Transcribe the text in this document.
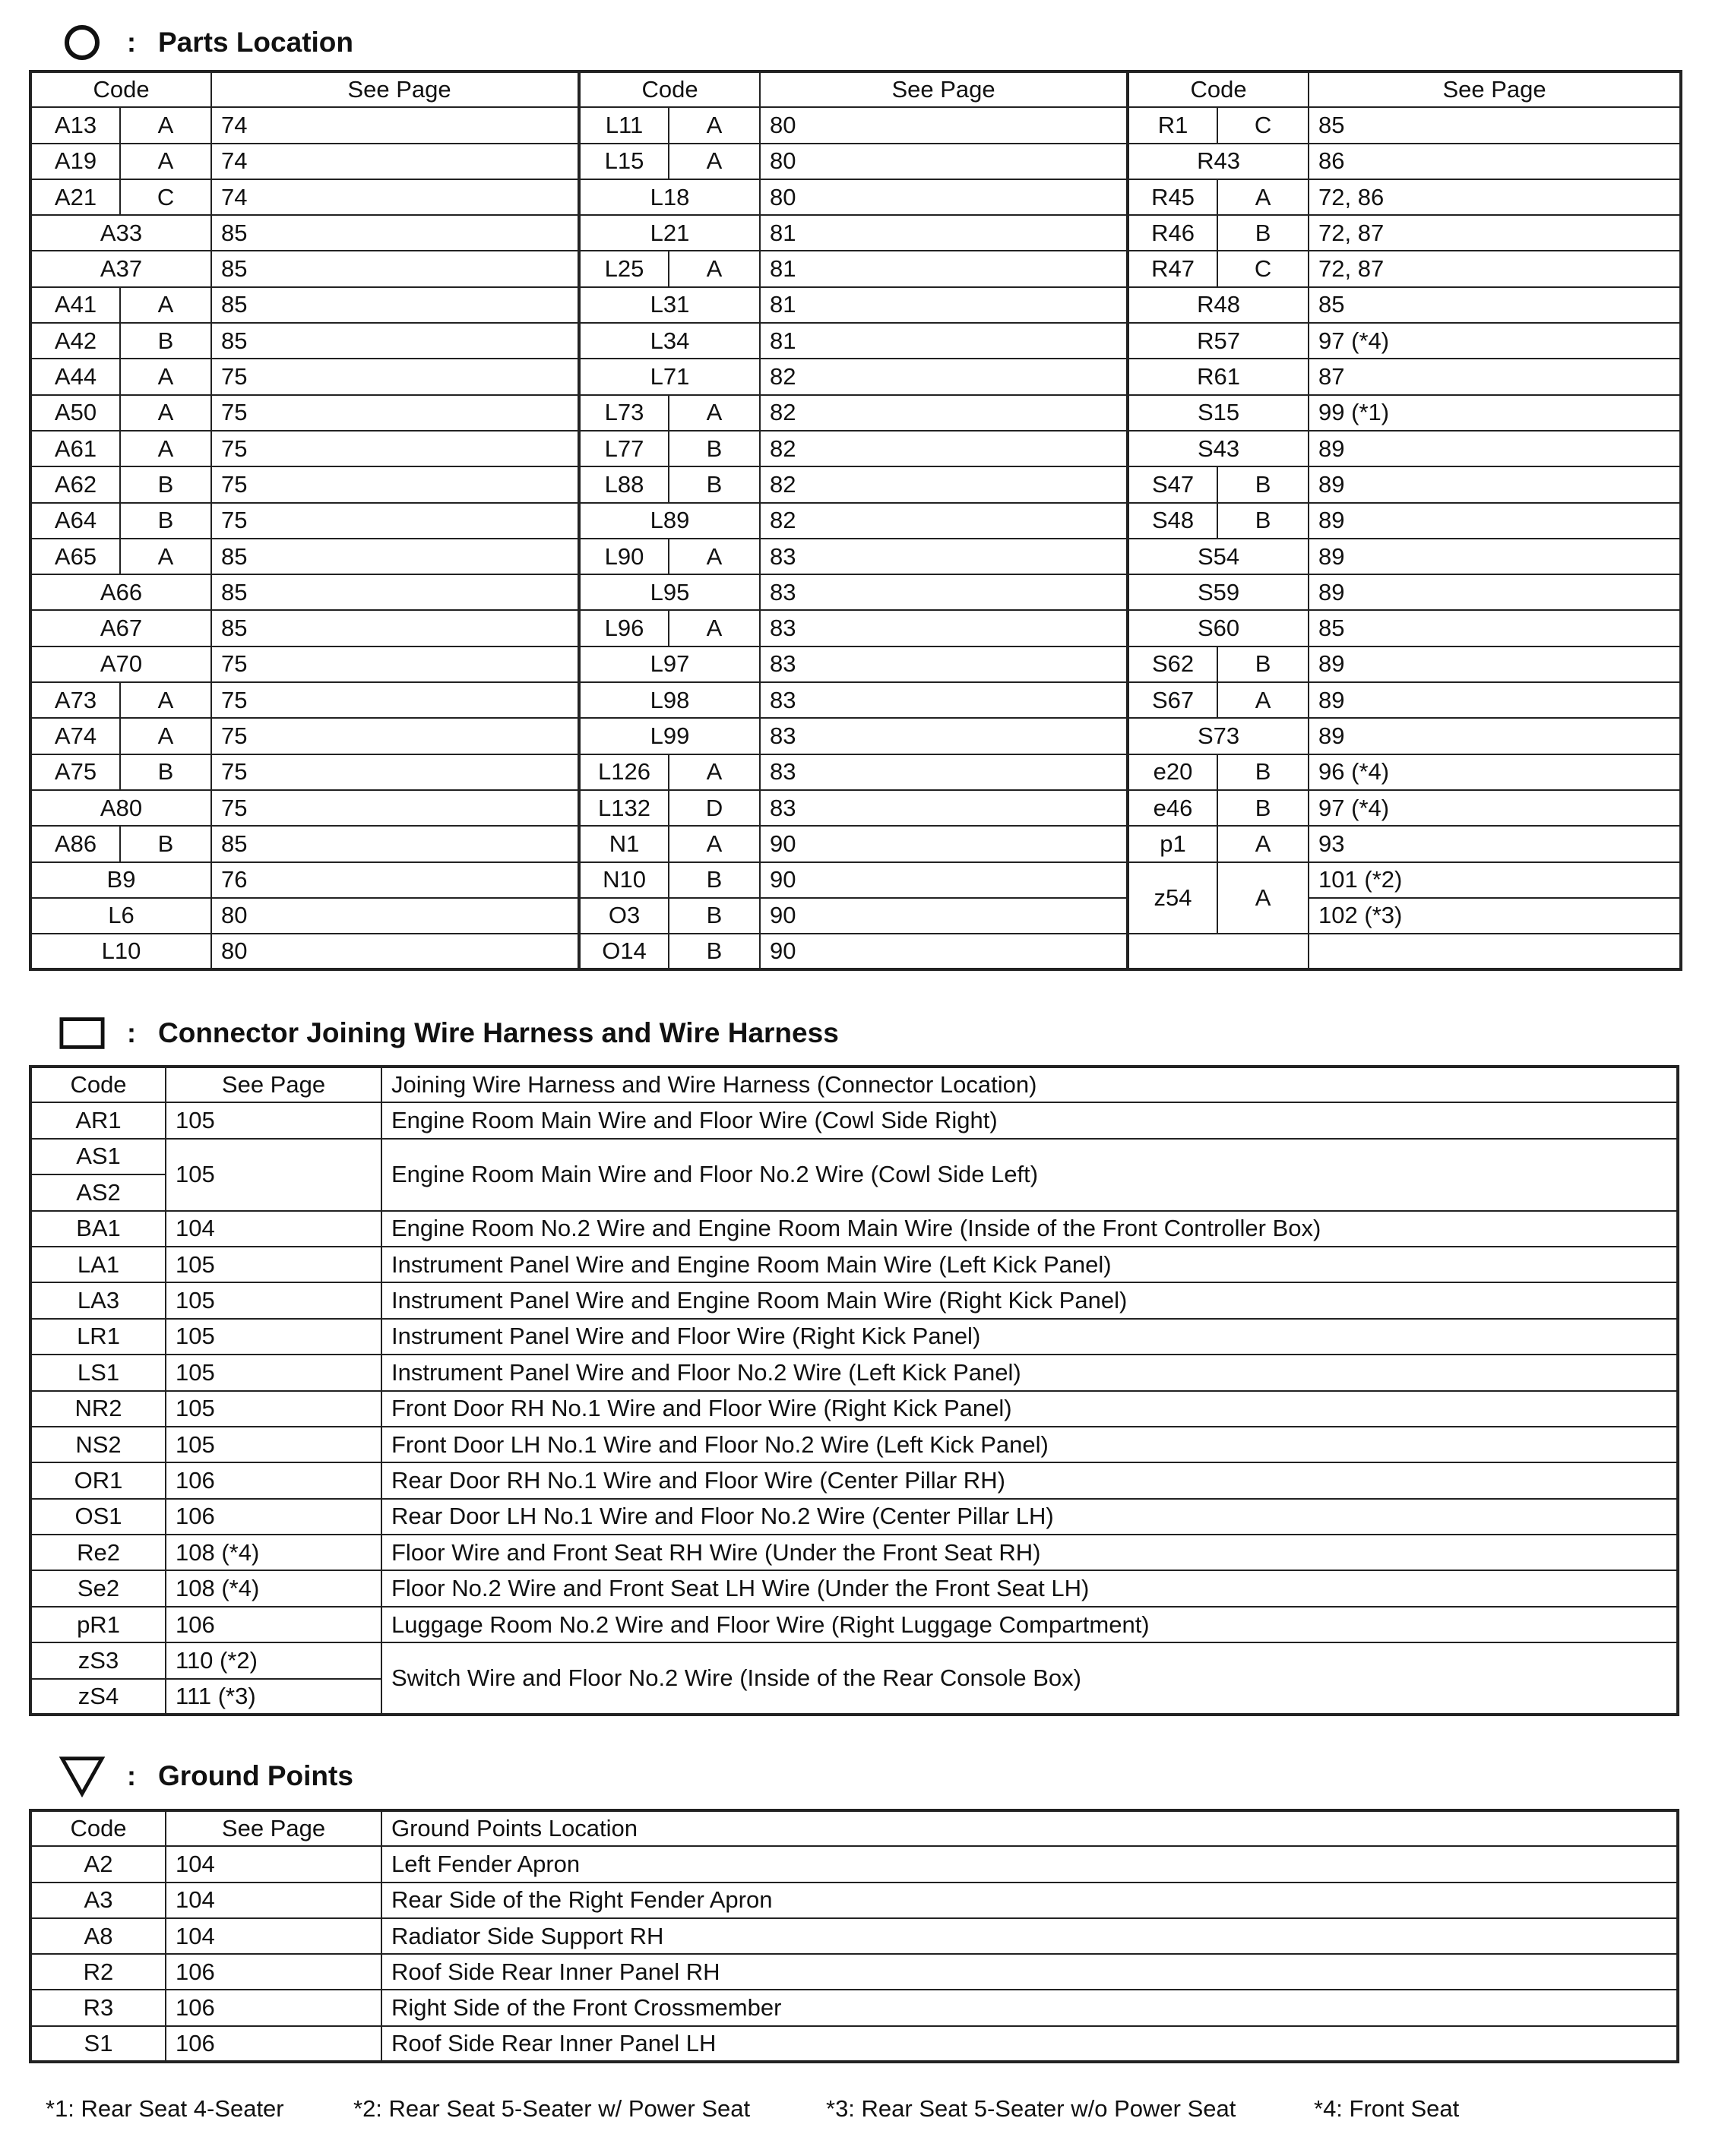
: Parts Location
Code		See Page	Code		See Page	Code		See Page
A13	A	74	L11	A	80	R1	C	85
A19	A	74	L15	A	80	R43		86
A21	C	74	L18		80	R45	A	72, 86
A33		85	L21		81	R46	B	72, 87
A37		85	L25	A	81	R47	C	72, 87
A41	A	85	L31		81	R48		85
A42	B	85	L34		81	R57		97 (*4)
A44	A	75	L71		82	R61		87
A50	A	75	L73	A	82	S15		99 (*1)
A61	A	75	L77	B	82	S43		89
A62	B	75	L88	B	82	S47	B	89
A64	B	75	L89		82	S48	B	89
A65	A	85	L90	A	83	S54		89
A66		85	L95		83	S59		89
A67		85	L96	A	83	S60		85
A70		75	L97		83	S62	B	89
A73	A	75	L98		83	S67	A	89
A74	A	75	L99		83	S73		89
A75	B	75	L126	A	83	e20	B	96 (*4)
A80		75	L132	D	83	e46	B	97 (*4)
A86	B	85	N1	A	90	p1	A	93
B9		76	N10	B	90	z54	A	101 (*2)
L6		80	O3	B	90			102 (*3)
L10		80	O14	B	90			
: Connector Joining Wire Harness and Wire Harness
Code	See Page	Joining Wire Harness and Wire Harness (Connector Location)
AR1	105	Engine Room Main Wire and Floor Wire (Cowl Side Right)
AS1	105	Engine Room Main Wire and Floor No.2 Wire (Cowl Side Left)
AS2		
BA1	104	Engine Room No.2 Wire and Engine Room Main Wire (Inside of the Front Controller Box)
LA1	105	Instrument Panel Wire and Engine Room Main Wire (Left Kick Panel)
LA3	105	Instrument Panel Wire and Engine Room Main Wire (Right Kick Panel)
LR1	105	Instrument Panel Wire and Floor Wire (Right Kick Panel)
LS1	105	Instrument Panel Wire and Floor No.2 Wire (Left Kick Panel)
NR2	105	Front Door RH No.1 Wire and Floor Wire (Right Kick Panel)
NS2	105	Front Door LH No.1 Wire and Floor No.2 Wire (Left Kick Panel)
OR1	106	Rear Door RH No.1 Wire and Floor Wire (Center Pillar RH)
OS1	106	Rear Door LH No.1 Wire and Floor No.2 Wire (Center Pillar LH)
Re2	108 (*4)	Floor Wire and Front Seat RH Wire (Under the Front Seat RH)
Se2	108 (*4)	Floor No.2 Wire and Front Seat LH Wire (Under the Front Seat LH)
pR1	106	Luggage Room No.2 Wire and Floor Wire (Right Luggage Compartment)
zS3	110 (*2)	Switch Wire and Floor No.2 Wire (Inside of the Rear Console Box)
zS4	111 (*3)	
: Ground Points
Code	See Page	Ground Points Location
A2	104	Left Fender Apron
A3	104	Rear Side of the Right Fender Apron
A8	104	Radiator Side Support RH
R2	106	Roof Side Rear Inner Panel RH
R3	106	Right Side of the Front Crossmember
S1	106	Roof Side Rear Inner Panel LH
*1: Rear Seat 4-Seater	*2: Rear Seat 5-Seater w/ Power Seat	*3: Rear Seat 5-Seater w/o Power Seat	*4: Front Seat
